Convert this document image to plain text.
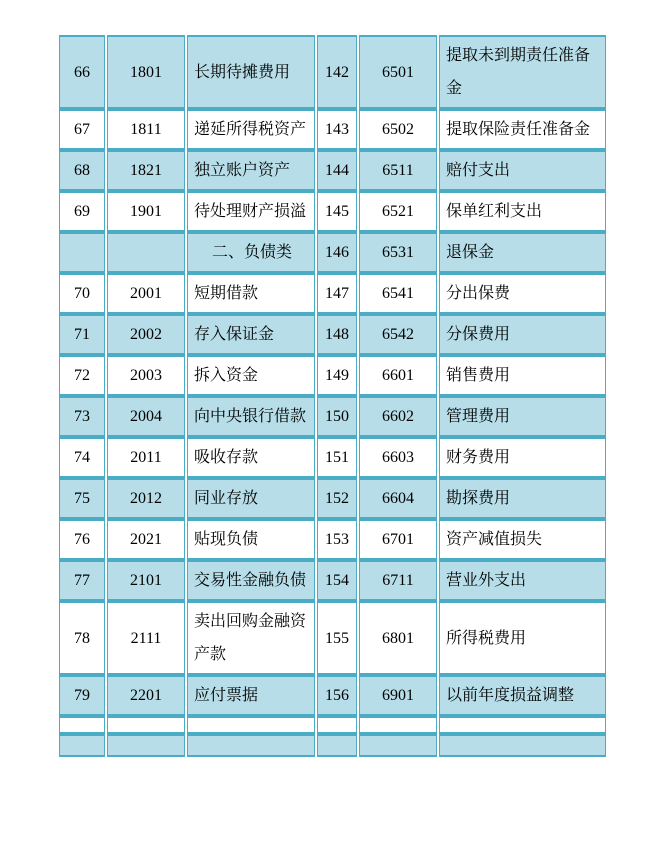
66	1801	长期待摊费用	142	6501	提取未到期责任准备金
67	1811	递延所得税资产	143	6502	提取保险责任准备金
68	1821	独立账户资产	144	6511	赔付支出
69	1901	待处理财产损溢	145	6521	保单红利支出
		二、负债类	146	6531	退保金
70	2001	短期借款	147	6541	分出保费
71	2002	存入保证金	148	6542	分保费用
72	2003	拆入资金	149	6601	销售费用
73	2004	向中央银行借款	150	6602	管理费用
74	2011	吸收存款	151	6603	财务费用
75	2012	同业存放	152	6604	勘探费用
76	2021	贴现负债	153	6701	资产减值损失
77	2101	交易性金融负债	154	6711	营业外支出
78	2111	卖出回购金融资产款	155	6801	所得税费用
79	2201	应付票据	156	6901	以前年度损益调整
